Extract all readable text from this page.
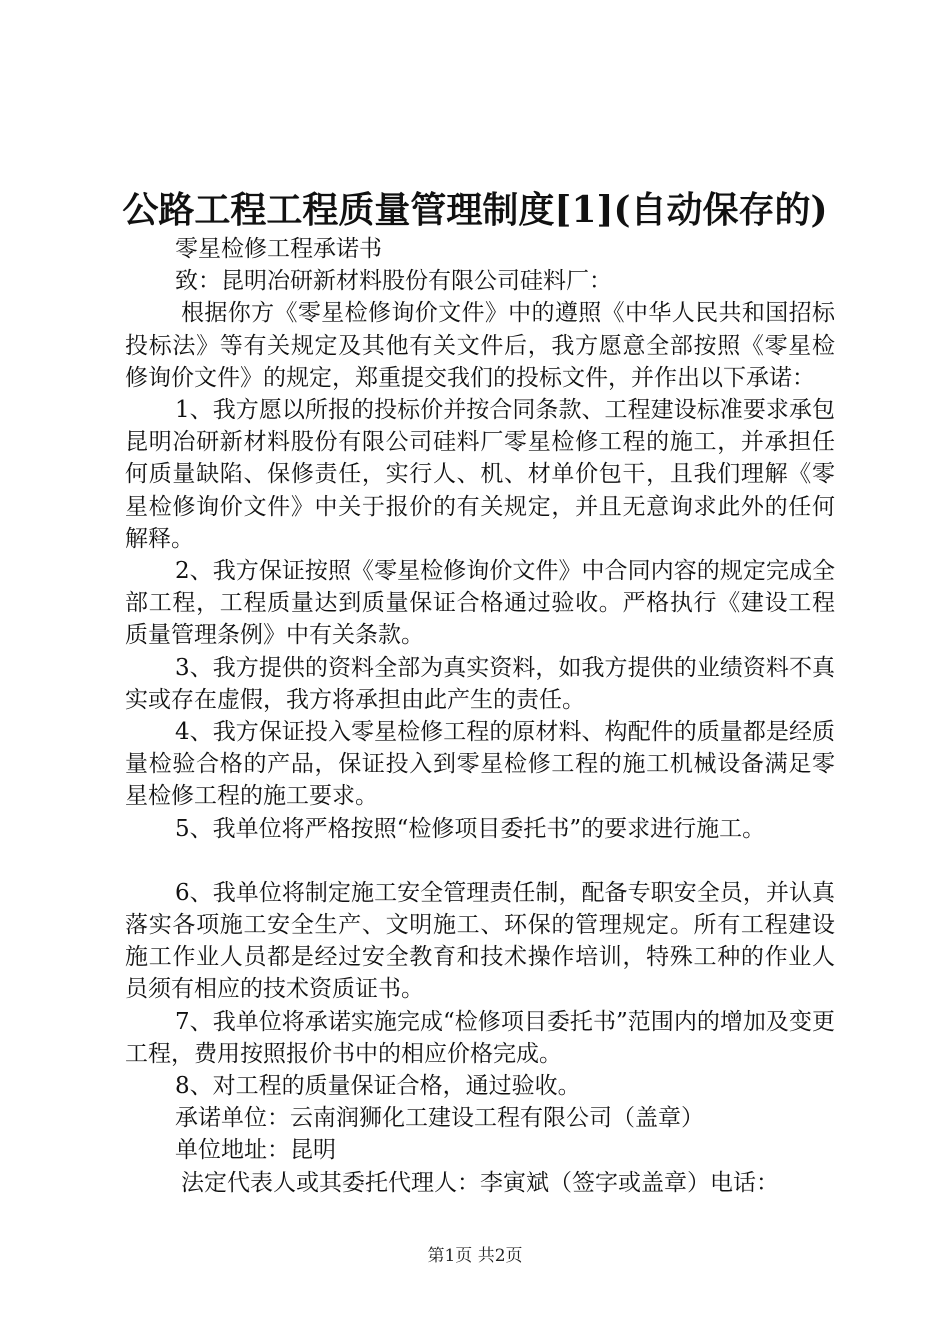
公路工程工程质量管理制度[1](自动保存的)

零星检修工程承诺书

致：昆明冶研新材料股份有限公司硅料厂：

根据你方《零星检修询价文件》中的遵照《中华人民共和国招标投标法》等有关规定及其他有关文件后，我方愿意全部按照《零星检修询价文件》的规定，郑重提交我们的投标文件，并作出以下承诺：

1、我方愿以所报的投标价并按合同条款、工程建设标准要求承包昆明冶研新材料股份有限公司硅料厂零星检修工程的施工，并承担任何质量缺陷、保修责任，实行人、机、材单价包干，且我们理解《零星检修询价文件》中关于报价的有关规定，并且无意询求此外的任何解释。

2、我方保证按照《零星检修询价文件》中合同内容的规定完成全部工程，工程质量达到质量保证合格通过验收。严格执行《建设工程质量管理条例》中有关条款。

3、我方提供的资料全部为真实资料，如我方提供的业绩资料不真实或存在虚假，我方将承担由此产生的责任。

4、我方保证投入零星检修工程的原材料、构配件的质量都是经质量检验合格的产品，保证投入到零星检修工程的施工机械设备满足零星检修工程的施工要求。

5、我单位将严格按照“检修项目委托书”的要求进行施工。

6、我单位将制定施工安全管理责任制，配备专职安全员，并认真落实各项施工安全生产、文明施工、环保的管理规定。所有工程建设施工作业人员都是经过安全教育和技术操作培训，特殊工种的作业人员须有相应的技术资质证书。

7、我单位将承诺实施完成“检修项目委托书”范围内的增加及变更工程，费用按照报价书中的相应价格完成。

8、对工程的质量保证合格，通过验收。

承诺单位：云南润狮化工建设工程有限公司（盖章）

单位地址：昆明

法定代表人或其委托代理人：李寅斌（签字或盖章）电话：

第1页 共2页
